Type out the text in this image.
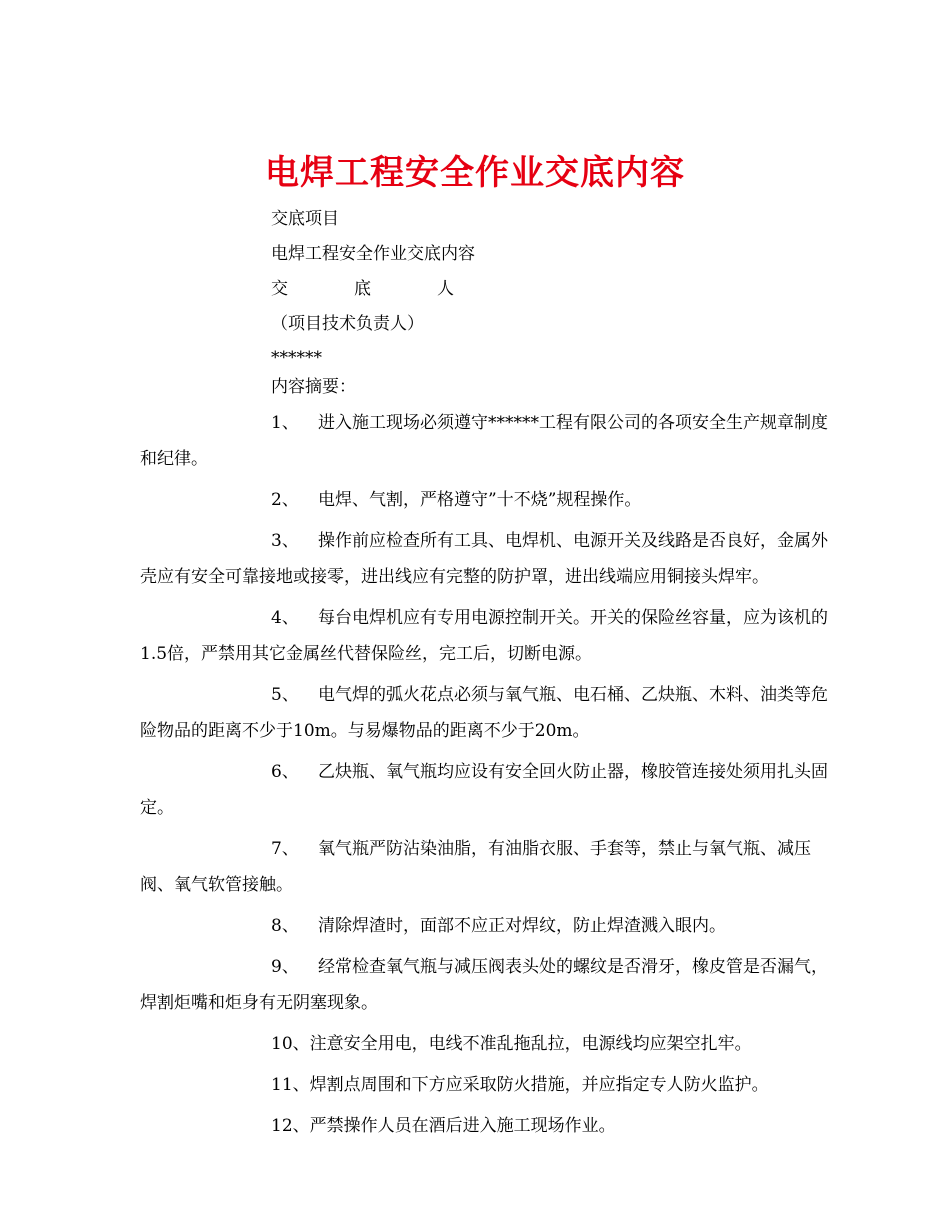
电焊工程安全作业交底内容
交底项目
电焊工程安全作业交底内容
交	底	人
（项目技术负责人）
******
内容摘要：
1、 进入施工现场必须遵守******工程有限公司的各项安全生产规章制度和纪律。
2、 电焊、气割，严格遵守”十不烧”规程操作。
3、 操作前应检查所有工具、电焊机、电源开关及线路是否良好，金属外壳应有安全可靠接地或接零，进出线应有完整的防护罩，进出线端应用铜接头焊牢。
4、 每台电焊机应有专用电源控制开关。开关的保险丝容量，应为该机的1.5倍，严禁用其它金属丝代替保险丝，完工后，切断电源。
5、 电气焊的弧火花点必须与氧气瓶、电石桶、乙炔瓶、木料、油类等危险物品的距离不少于10m。与易爆物品的距离不少于20m。
6、 乙炔瓶、氧气瓶均应设有安全回火防止器，橡胶管连接处须用扎头固定。
7、 氧气瓶严防沾染油脂，有油脂衣服、手套等，禁止与氧气瓶、减压阀、氧气软管接触。
8、 清除焊渣时，面部不应正对焊纹，防止焊渣溅入眼内。
9、 经常检查氧气瓶与减压阀表头处的螺纹是否滑牙，橡皮管是否漏气，焊割炬嘴和炬身有无阴塞现象。
10、注意安全用电，电线不准乱拖乱拉，电源线均应架空扎牢。
11、焊割点周围和下方应采取防火措施，并应指定专人防火监护。
12、严禁操作人员在酒后进入施工现场作业。
